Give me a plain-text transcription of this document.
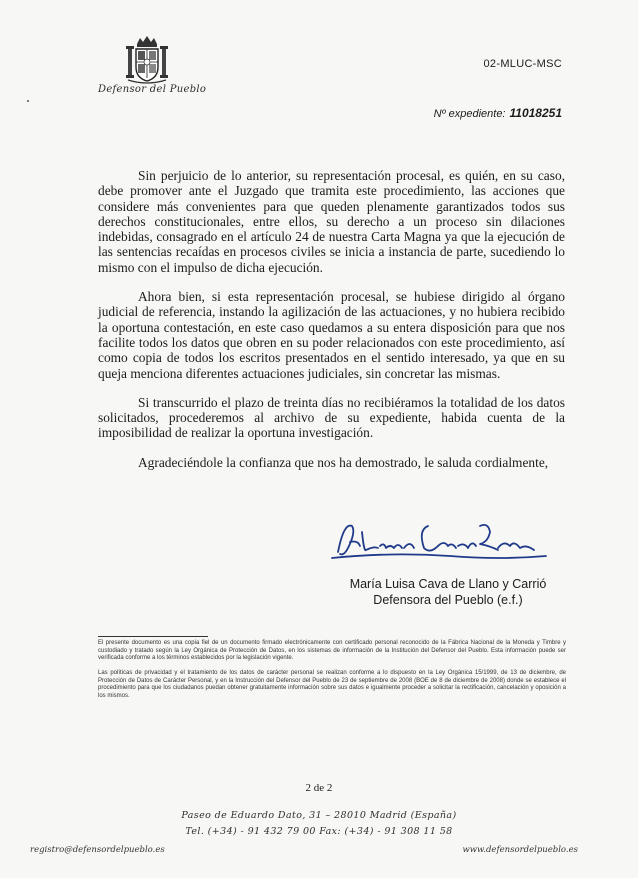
Defensor del Pueblo
02-MLUC-MSC
Nº expediente: 11018251

Sin perjuicio de lo anterior, su representación procesal, es quién, en su caso, debe promover ante el Juzgado que tramita este procedimiento, las acciones que considere más convenientes para que queden plenamente garantizados todos sus derechos constitucionales, entre ellos, su derecho a un proceso sin dilaciones indebidas, consagrado en el artículo 24 de nuestra Carta Magna ya que la ejecución de las sentencias recaídas en procesos civiles se inicia a instancia de parte, sucediendo lo mismo con el impulso de dicha ejecución.

Ahora bien, si esta representación procesal, se hubiese dirigido al órgano judicial de referencia, instando la agilización de las actuaciones, y no hubiera recibido la oportuna contestación, en este caso quedamos a su entera disposición para que nos facilite todos los datos que obren en su poder relacionados con este procedimiento, así como copia de todos los escritos presentados en el sentido interesado, ya que en su queja menciona diferentes actuaciones judiciales, sin concretar las mismas.

Si transcurrido el plazo de treinta días no recibiéramos la totalidad de los datos solicitados, procederemos al archivo de su expediente, habida cuenta de la imposibilidad de realizar la oportuna investigación.

Agradeciéndole la confianza que nos ha demostrado, le saluda cordialmente,

María Luisa Cava de Llano y Carrió
Defensora del Pueblo (e.f.)
El presente documento es una copia fiel de un documento firmado electrónicamente con certificado personal reconocido de la Fábrica Nacional de la Moneda y Timbre y custodiado y tratado según la Ley Orgánica de Protección de Datos, en los sistemas de información de la Institución del Defensor del Pueblo. Esta información puede ser verificada conforme a los términos establecidos por la legislación vigente.
Las políticas de privacidad y el tratamiento de los datos de carácter personal se realizan conforme a lo dispuesto en la Ley Orgánica 15/1999, de 13 de diciembre, de Protección de Datos de Carácter Personal, y en la Instrucción del Defensor del Pueblo de 23 de septiembre de 2008 (BOE de 8 de diciembre de 2008) donde se establece el procedimiento para que los ciudadanos puedan obtener gratuitamente información sobre sus datos e igualmente proceder a solicitar la rectificación, cancelación y oposición a los mismos.
2 de 2
Paseo de Eduardo Dato, 31 – 28010 Madrid (España)
Tel. (+34) - 91 432 79 00 Fax: (+34) - 91 308 11 58
registro@defensordelpueblo.es	www.defensordelpueblo.es
